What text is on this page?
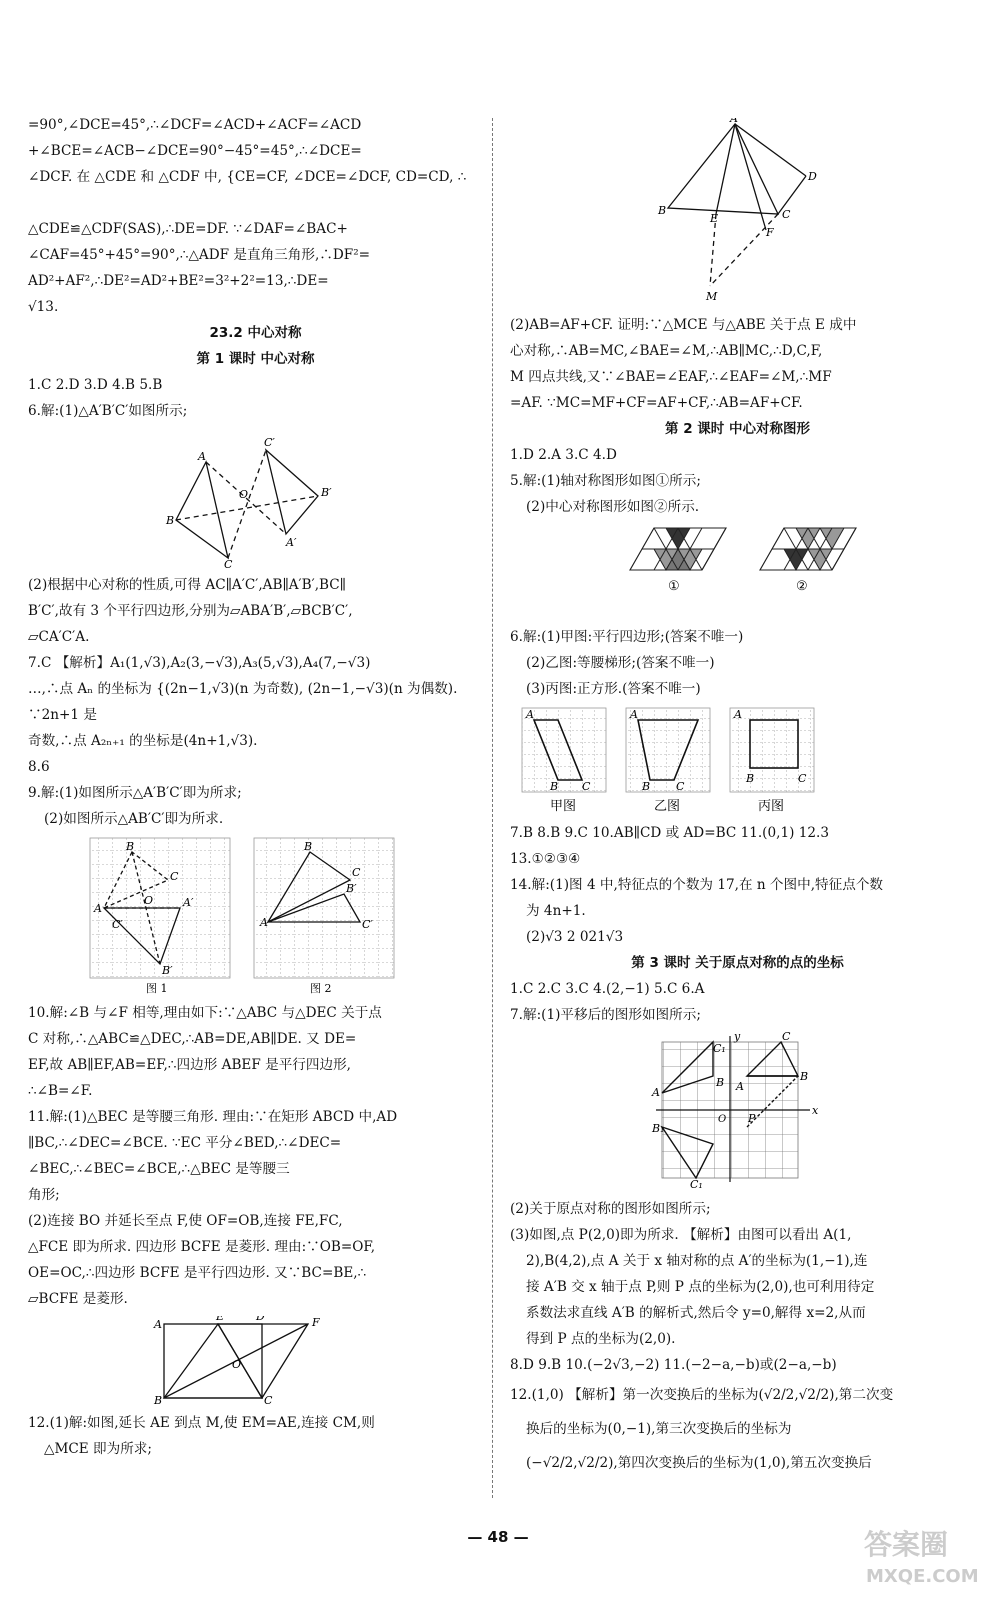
=90°,∠DCE=45°,∴∠DCF=∠ACD+∠ACF=∠ACD
+∠BCE=∠ACB−∠DCE=90°−45°=45°,∴∠DCE=
∠DCF. 在 △CDE 和 △CDF 中, {CE=CF, ∠DCE=∠DCF, CD=CD, ∴
△CDE≌△CDF(SAS),∴DE=DF. ∵∠DAF=∠BAC+
∠CAF=45°+45°=90°,∴△ADF 是直角三角形,∴DF²=
AD²+AF²,∴DE²=AD²+BE²=3²+2²=13,∴DE=
√13.
23.2 中心对称
第 1 课时 中心对称
1.C 2.D 3.D 4.B 5.B
6.解:(1)△A′B′C′如图所示;
A
B
C
C′
B′
A′
O
(2)根据中心对称的性质,可得 AC∥A′C′,AB∥A′B′,BC∥
B′C′,故有 3 个平行四边形,分别为▱ABA′B′,▱BCB′C′,
▱CA′C′A.
7.C 【解析】A₁(1,√3),A₂(3,−√3),A₃(5,√3),A₄(7,−√3)
…,∴点 Aₙ 的坐标为 {(2n−1,√3)(n 为奇数), (2n−1,−√3)(n 为偶数). ∵2n+1 是
奇数,∴点 A₂ₙ₊₁ 的坐标是(4n+1,√3).
8.6
9.解:(1)如图所示△A′B′C′即为所求;
(2)如图所示△AB′C′即为所求.
B
A
C
A′
B′
C′
O
B
A
C
B′
C′
图 1	图 2
10.解:∠B 与∠F 相等,理由如下:∵△ABC 与△DEC 关于点
C 对称,∴△ABC≌△DEC,∴AB=DE,AB∥DE. 又 DE=
EF,故 AB∥EF,AB=EF,∴四边形 ABEF 是平行四边形,
∴∠B=∠F.
11.解:(1)△BEC 是等腰三角形. 理由:∵在矩形 ABCD 中,AD
∥BC,∴∠DEC=∠BCE. ∵EC 平分∠BED,∴∠DEC=
∠BEC,∴∠BEC=∠BCE,∴△BEC 是等腰三
角形;
(2)连接 BO 并延长至点 F,使 OF=OB,连接 FE,FC,
△FCE 即为所求. 四边形 BCFE 是菱形. 理由:∵OB=OF,
OE=OC,∴四边形 BCFE 是平行四边形. 又∵BC=BE,∴
▱BCFE 是菱形.
A
E	D	F
B	C
O
12.(1)解:如图,延长 AE 到点 M,使 EM=AE,连接 CM,则
△MCE 即为所求;
A
B
E	C
D
F
M
(2)AB=AF+CF. 证明:∵△MCE 与△ABE 关于点 E 成中
心对称,∴AB=MC,∠BAE=∠M,∴AB∥MC,∴D,C,F,
M 四点共线,又∵∠BAE=∠EAF,∴∠EAF=∠M,∴MF
=AF. ∵MC=MF+CF=AF+CF,∴AB=AF+CF.
第 2 课时 中心对称图形
1.D 2.A 3.C 4.D
5.解:(1)轴对称图形如图①所示;
(2)中心对称图形如图②所示.
①	②
6.解:(1)甲图:平行四边形;(答案不唯一)
(2)乙图:等腰梯形;(答案不唯一)
(3)丙图:正方形.(答案不唯一)
A
B C
A
B C
A
B	C
甲图	乙图	丙图
7.B 8.B 9.C 10.AB∥CD 或 AD=BC 11.(0,1) 12.3
13.①②③④
14.解:(1)图 4 中,特征点的个数为 17,在 n 个图中,特征点个数
为 4n+1.
(2)√3 2 021√3
第 3 课时 关于原点对称的点的坐标
1.C 2.C 3.C 4.(2,−1) 5.C 6.A
7.解:(1)平移后的图形如图所示;
A
C₁
B
C
B
A
B₁
C₁
P
x
y
O
(2)关于原点对称的图形如图所示;
(3)如图,点 P(2,0)即为所求. 【解析】由图可以看出 A(1,
2),B(4,2),点 A 关于 x 轴对称的点 A′的坐标为(1,−1),连
接 A′B 交 x 轴于点 P,则 P 点的坐标为(2,0),也可利用待定
系数法求直线 A′B 的解析式,然后令 y=0,解得 x=2,从而
得到 P 点的坐标为(2,0).
8.D 9.B 10.(−2√3,−2) 11.(−2−a,−b)或(2−a,−b)
12.(1,0) 【解析】第一次变换后的坐标为(√2/2,√2/2),第二次变
换后的坐标为(0,−1),第三次变换后的坐标为
(−√2/2,√2/2),第四次变换后的坐标为(1,0),第五次变换后
— 48 —	答案圈
MXQE.COM
